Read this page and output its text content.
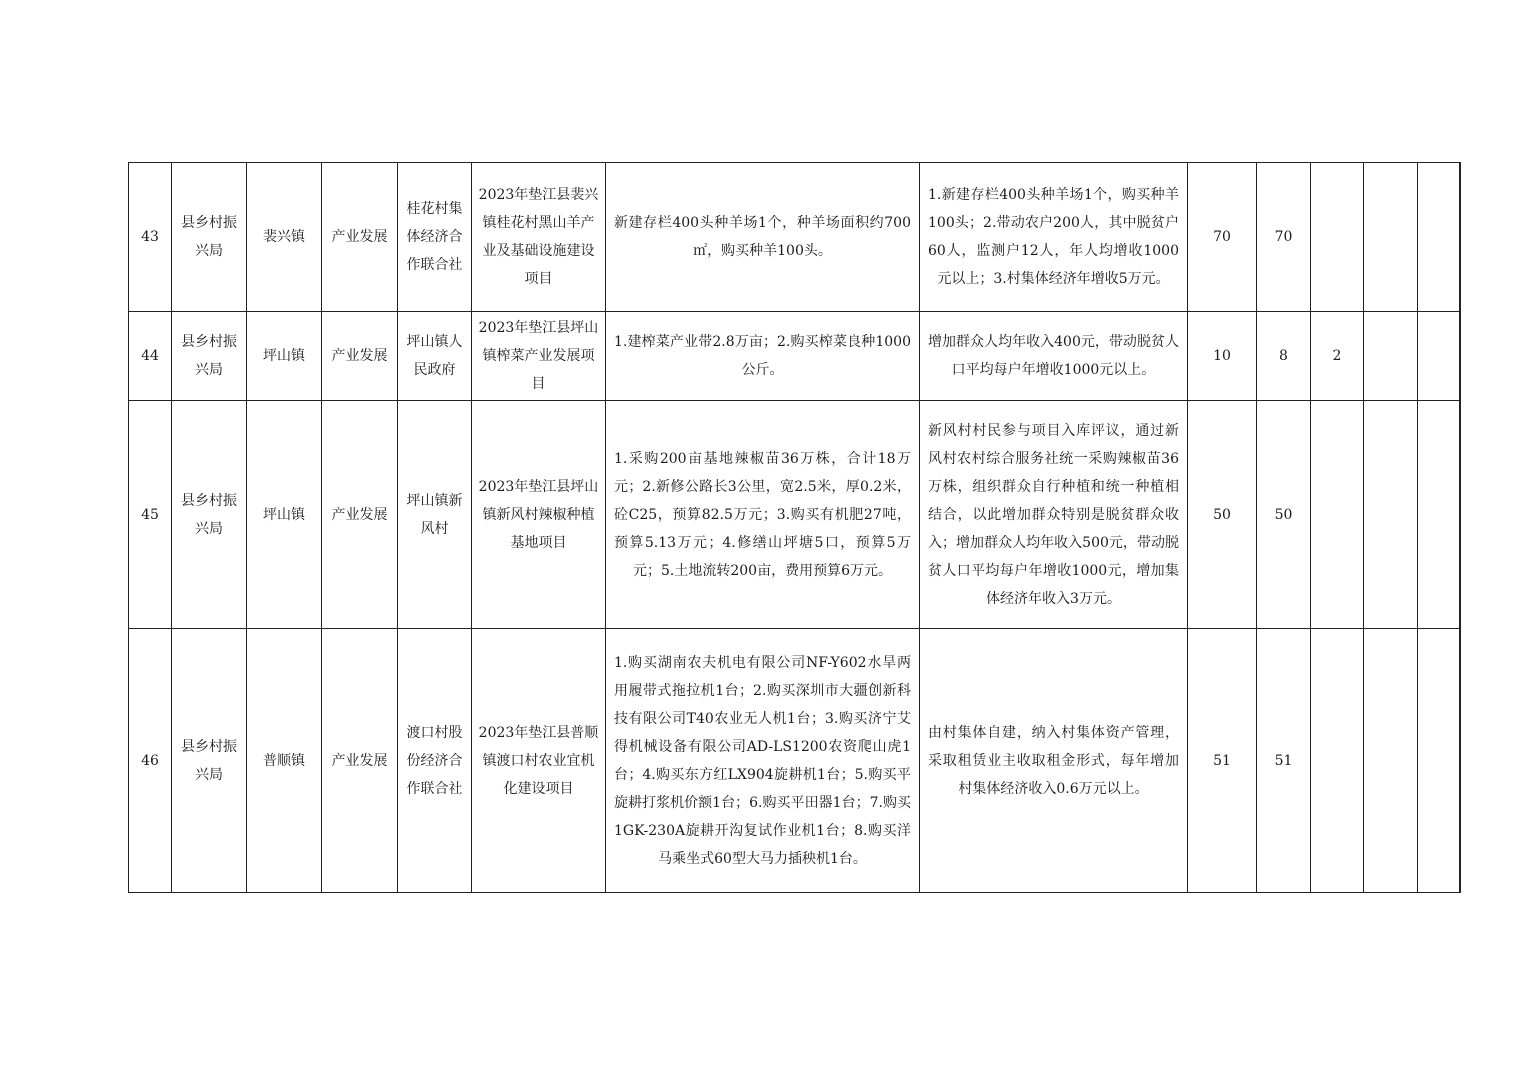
43	县乡村振兴局	裴兴镇	产业发展	桂花村集体经济合作联合社	2023年垫江县裴兴镇桂花村黑山羊产业及基础设施建设项目	新建存栏400头种羊场1个，种羊场面积约700㎡，购买种羊100头。	1.新建存栏400头种羊场1个，购买种羊100头；2.带动农户200人，其中脱贫户60人，监测户12人，年人均增收1000元以上；3.村集体经济年增收5万元。	70	70				
44	县乡村振兴局	坪山镇	产业发展	坪山镇人民政府	2023年垫江县坪山镇榨菜产业发展项目	1.建榨菜产业带2.8万亩；2.购买榨菜良种1000公斤。	增加群众人均年收入400元，带动脱贫人口平均每户年增收1000元以上。	10	8	2			
45	县乡村振兴局	坪山镇	产业发展	坪山镇新风村	2023年垫江县坪山镇新风村辣椒种植基地项目	1.采购200亩基地辣椒苗36万株，合计18万元；2.新修公路长3公里，宽2.5米，厚0.2米，砼C25，预算82.5万元；3.购买有机肥27吨，预算5.13万元；4.修缮山坪塘5口，预算5万元；5.土地流转200亩，费用预算6万元。	新风村村民参与项目入库评议，通过新风村农村综合服务社统一采购辣椒苗36万株，组织群众自行种植和统一种植相结合，以此增加群众特别是脱贫群众收入；增加群众人均年收入500元，带动脱贫人口平均每户年增收1000元，增加集体经济年收入3万元。	50	50				
46	县乡村振兴局	普顺镇	产业发展	渡口村股份经济合作联合社	2023年垫江县普顺镇渡口村农业宜机化建设项目	1.购买湖南农夫机电有限公司NF-Y602水旱两用履带式拖拉机1台；2.购买深圳市大疆创新科技有限公司T40农业无人机1台；3.购买济宁艾得机械设备有限公司AD-LS1200农资爬山虎1台；4.购买东方红LX904旋耕机1台；5.购买平旋耕打浆机价额1台；6.购买平田器1台；7.购买1GK-230A旋耕开沟复试作业机1台；8.购买洋马乘坐式60型大马力插秧机1台。	由村集体自建，纳入村集体资产管理，采取租赁业主收取租金形式，每年增加村集体经济收入0.6万元以上。	51	51				
